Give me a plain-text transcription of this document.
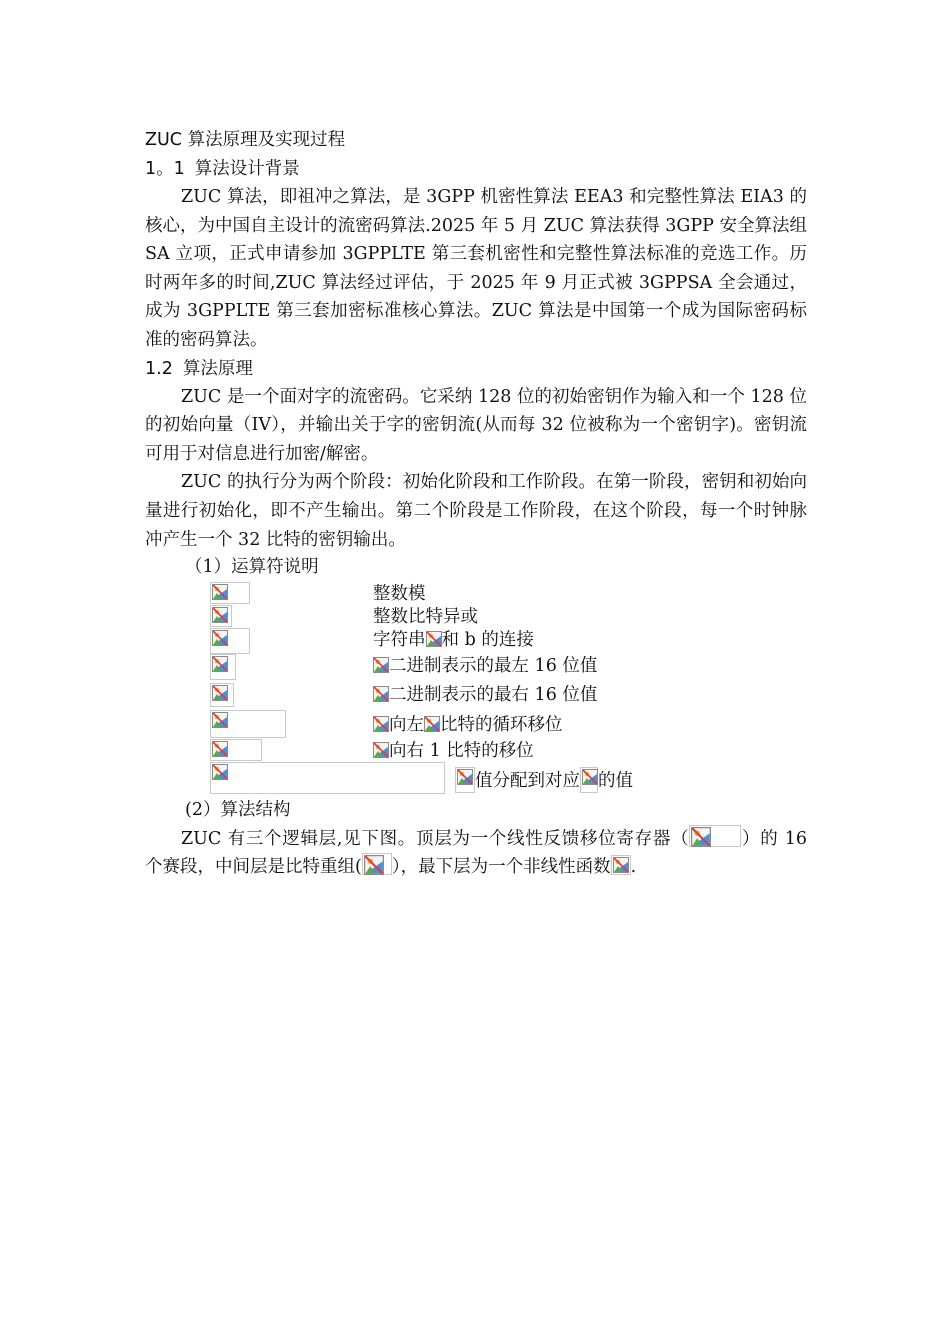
ZUC 算法原理及实现过程
1。1 算法设计背景

ZUC 算法，即祖冲之算法，是 3GPP 机密性算法 EEA3 和完整性算法 EIA3 的核心，为中国自主设计的流密码算法.2025 年 5 月 ZUC 算法获得 3GPP 安全算法组 SA 立项，正式申请参加 3GPPLTE 第三套机密性和完整性算法标准的竞选工作。历时两年多的时间,ZUC 算法经过评估，于 2025 年 9 月正式被 3GPPSA 全会通过，成为 3GPPLTE 第三套加密标准核心算法。ZUC 算法是中国第一个成为国际密码标准的密码算法。

1.2 算法原理

ZUC 是一个面对字的流密码。它采纳 128 位的初始密钥作为输入和一个 128 位的初始向量（IV），并输出关于字的密钥流(从而每 32 位被称为一个密钥字)。密钥流可用于对信息进行加密/解密。

ZUC 的执行分为两个阶段：初始化阶段和工作阶段。在第一阶段，密钥和初始向量进行初始化，即不产生输出。第二个阶段是工作阶段，在这个阶段，每一个时钟脉冲产生一个 32 比特的密钥输出。

（1）运算符说明
整数模
整数比特异或
字符串 和 b 的连接
二进制表示的最左 16 位值
二进制表示的最右 16 位值
向左 比特的循环移位
向右 1 比特的移位
值分配到对应 的值
(2）算法结构

ZUC 有三个逻辑层,见下图。顶层为一个线性反馈移位寄存器（	）的 16 个赛段，中间层是比特重组( ），最下层为一个非线性函数 .
